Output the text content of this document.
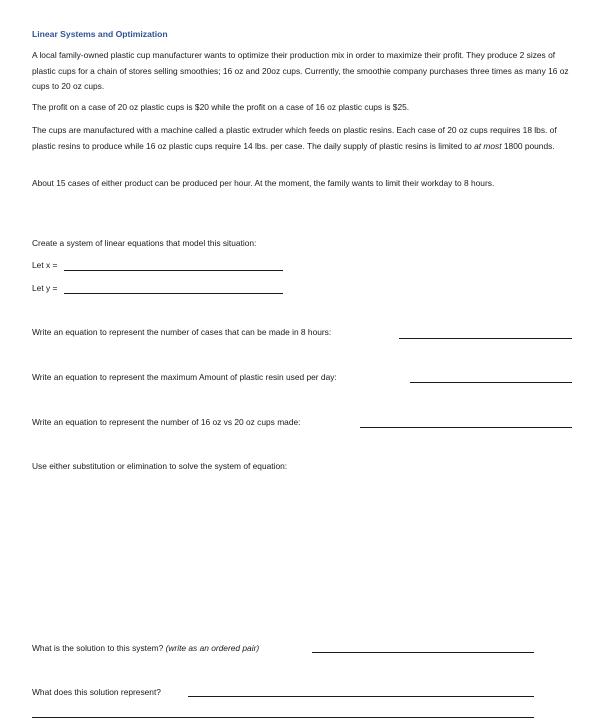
Linear Systems and Optimization
A local family-owned plastic cup manufacturer wants to optimize their production mix in order to maximize their profit. They produce 2 sizes of plastic cups for a chain of stores selling smoothies; 16 oz and 20oz cups. Currently, the smoothie company purchases three times as many 16 oz cups to 20 oz cups.
The profit on a case of 20 oz plastic cups is $20 while the profit on a case of 16 oz plastic cups is $25.
The cups are manufactured with a machine called a plastic extruder which feeds on plastic resins. Each case of 20 oz cups requires 18 lbs. of plastic resins to produce while 16 oz plastic cups require 14 lbs. per case. The daily supply of plastic resins is limited to at most 1800 pounds.
About 15 cases of either product can be produced per hour. At the moment, the family wants to limit their workday to 8 hours.
Create a system of linear equations that model this situation:
Let x =
Let y =
Write an equation to represent the number of cases that can be made in 8 hours:
Write an equation to represent the maximum Amount of plastic resin used per day:
Write an equation to represent the number of 16 oz vs 20 oz cups made:
Use either substitution or elimination to solve the system of equation:
What is the solution to this system? (write as an ordered pair)
What does this solution represent?
